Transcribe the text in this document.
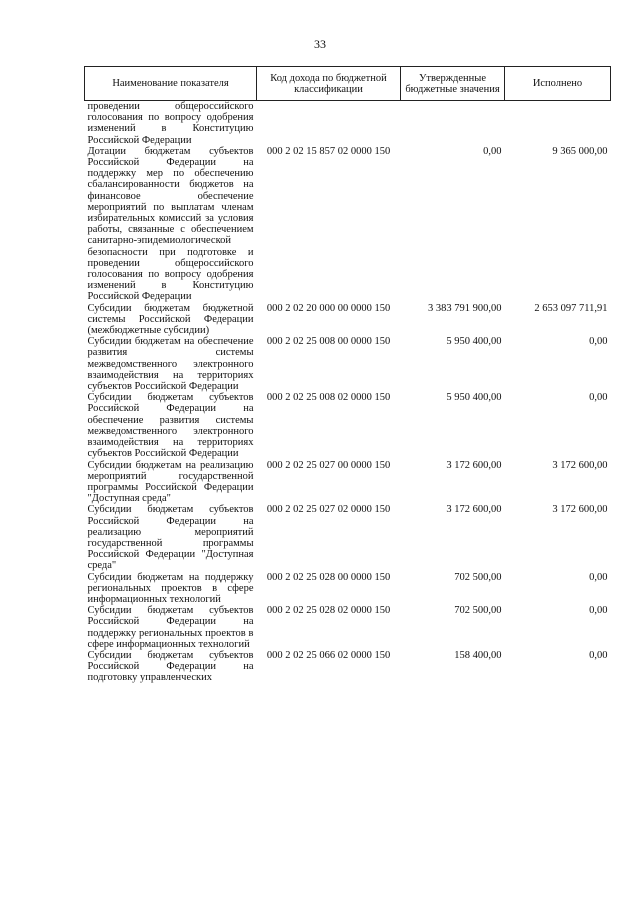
33
Наименование показателя	Код дохода по бюджетной классификации	Утвержденные бюджетные значения	Исполнено
проведении общероссийского голосования по вопросу одобрения изменений в Конституцию Российской Федерации			
Дотации бюджетам субъектов Российской Федерации на поддержку мер по обеспечению сбалансированности бюджетов на финансовое обеспечение мероприятий по выплатам членам избирательных комиссий за условия работы, связанные с обеспечением санитарно-эпидемиологической безопасности при подготовке и проведении общероссийского голосования по вопросу одобрения изменений в Конституцию Российской Федерации	000 2 02 15 857 02 0000 150	0,00	9 365 000,00
Субсидии бюджетам бюджетной системы Российской Федерации (межбюджетные субсидии)	000 2 02 20 000 00 0000 150	3 383 791 900,00	2 653 097 711,91
Субсидии бюджетам на обеспечение развития системы межведомственного электронного взаимодействия на территориях субъектов Российской Федерации	000 2 02 25 008 00 0000 150	5 950 400,00	0,00
Субсидии бюджетам субъектов Российской Федерации на обеспечение развития системы межведомственного электронного взаимодействия на территориях субъектов Российской Федерации	000 2 02 25 008 02 0000 150	5 950 400,00	0,00
Субсидии бюджетам на реализацию мероприятий государственной программы Российской Федерации "Доступная среда"	000 2 02 25 027 00 0000 150	3 172 600,00	3 172 600,00
Субсидии бюджетам субъектов Российской Федерации на реализацию мероприятий государственной программы Российской Федерации "Доступная среда"	000 2 02 25 027 02 0000 150	3 172 600,00	3 172 600,00
Субсидии бюджетам на поддержку региональных проектов в сфере информационных технологий	000 2 02 25 028 00 0000 150	702 500,00	0,00
Субсидии бюджетам субъектов Российской Федерации на поддержку региональных проектов в сфере информационных технологий	000 2 02 25 028 02 0000 150	702 500,00	0,00
Субсидии бюджетам субъектов Российской Федерации на подготовку управленческих	000 2 02 25 066 02 0000 150	158 400,00	0,00
